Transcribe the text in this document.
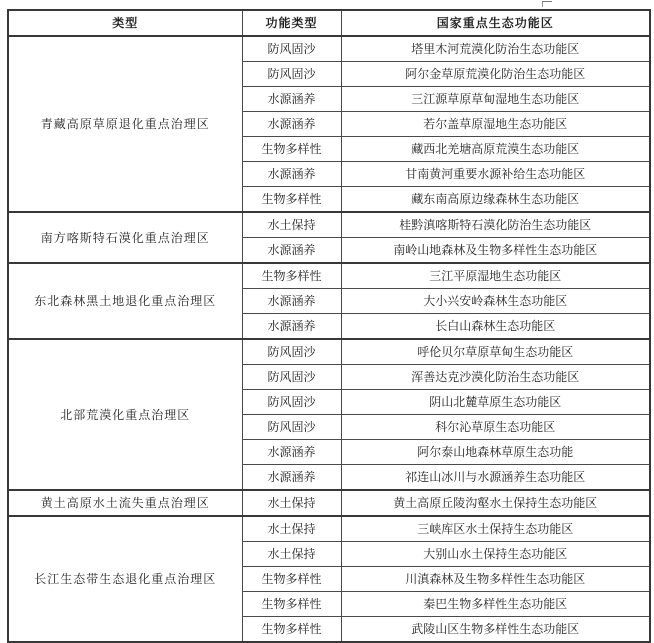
类型	功能类型	国家重点生态功能区
青藏高原草原退化重点治理区	防风固沙	塔里木河荒漠化防治生态功能区
	防风固沙	阿尔金草原荒漠化防治生态功能区
	水源涵养	三江源草原草甸湿地生态功能区
	水源涵养	若尔盖草原湿地生态功能区
	生物多样性	藏西北羌塘高原荒漠生态功能区
	水源涵养	甘南黄河重要水源补给生态功能区
	生物多样性	藏东南高原边缘森林生态功能区
南方喀斯特石漠化重点治理区	水土保持	桂黔滇喀斯特石漠化防治生态功能区
	水源涵养	南岭山地森林及生物多样性生态功能区
东北森林黑土地退化重点治理区	生物多样性	三江平原湿地生态功能区
	水源涵养	大小兴安岭森林生态功能区
	水源涵养	长白山森林生态功能区
北部荒漠化重点治理区	防风固沙	呼伦贝尔草原草甸生态功能区
	防风固沙	浑善达克沙漠化防治生态功能区
	防风固沙	阴山北麓草原生态功能区
	防风固沙	科尔沁草原生态功能区
	水源涵养	阿尔泰山地森林草原生态功能
	水源涵养	祁连山冰川与水源涵养生态功能区
黄土高原水土流失重点治理区	水土保持	黄土高原丘陵沟壑水土保持生态功能区
长江生态带生态退化重点治理区	水土保持	三峡库区水土保持生态功能区
	水土保持	大别山水土保持生态功能区
	生物多样性	川滇森林及生物多样性生态功能区
	生物多样性	秦巴生物多样性生态功能区
	生物多样性	武陵山区生物多样性生态功能区
